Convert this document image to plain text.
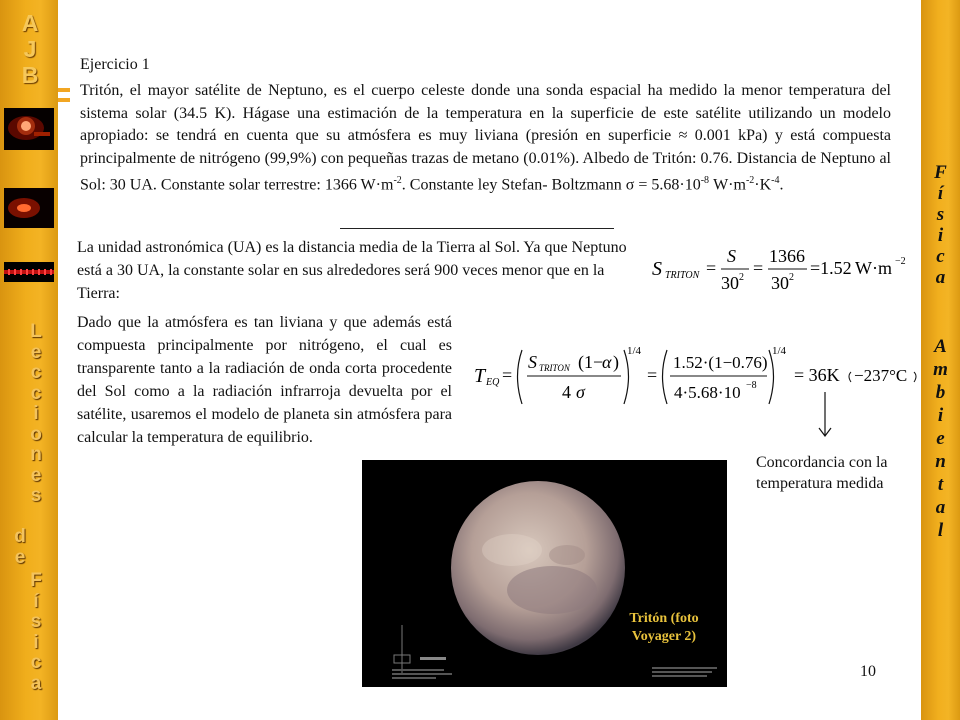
A
J
B
L
e
c
c
i
o
n
e
s
d
e
F
í
s
i
c
a
F
í
s
i
c
a
A
m
b
i
e
n
t
a
l
Ejercicio 1
Tritón, el mayor satélite de Neptuno, es el cuerpo celeste donde una sonda espacial ha medido la menor temperatura del sistema solar (34.5 K). Hágase una estimación de la temperatura en la superficie de este satélite utilizando un modelo apropiado: se tendrá en cuenta que su atmósfera es muy liviana (presión en superficie ≈ 0.001 kPa) y está compuesta principalmente de nitrógeno (99,9%) con pequeñas trazas de metano (0.01%). Albedo de Tritón: 0.76. Distancia de Neptuno al Sol: 30 UA. Constante solar terrestre: 1366 $W\cdot m^{-2}$. Constante ley Stefan- Boltzmann $\sigma = 5.68\cdot 10^{-8}$ $W\cdot m^{-2}\cdot K^{-4}$.
La unidad astronómica (UA) es la distancia media de la Tierra al Sol. Ya que Neptuno está a 30 UA, la constante solar en sus alrededores será 900 veces menor que en la Tierra:
Dado que la atmósfera es tan liviana y que además está compuesta principalmente por nitrógeno, el cual es transparente tanto a la radiación de onda corta procedente del Sol como a la radiación infrarroja devuelta por el satélite, usaremos el modelo de planeta sin atmósfera para calcular la temperatura de equilibrio.
S TRITON =
S
30 2 =
1366
30 2 =1.52 W·m −2
T EQ =
S TRITON (1−
α )
4 σ
1/4
=
1.52·(1−0.76)
4·5.68·10 −8
1/4
= 36K −237°C
Concordancia con la
temperatura medida
Tritón (foto
Voyager 2)
10
